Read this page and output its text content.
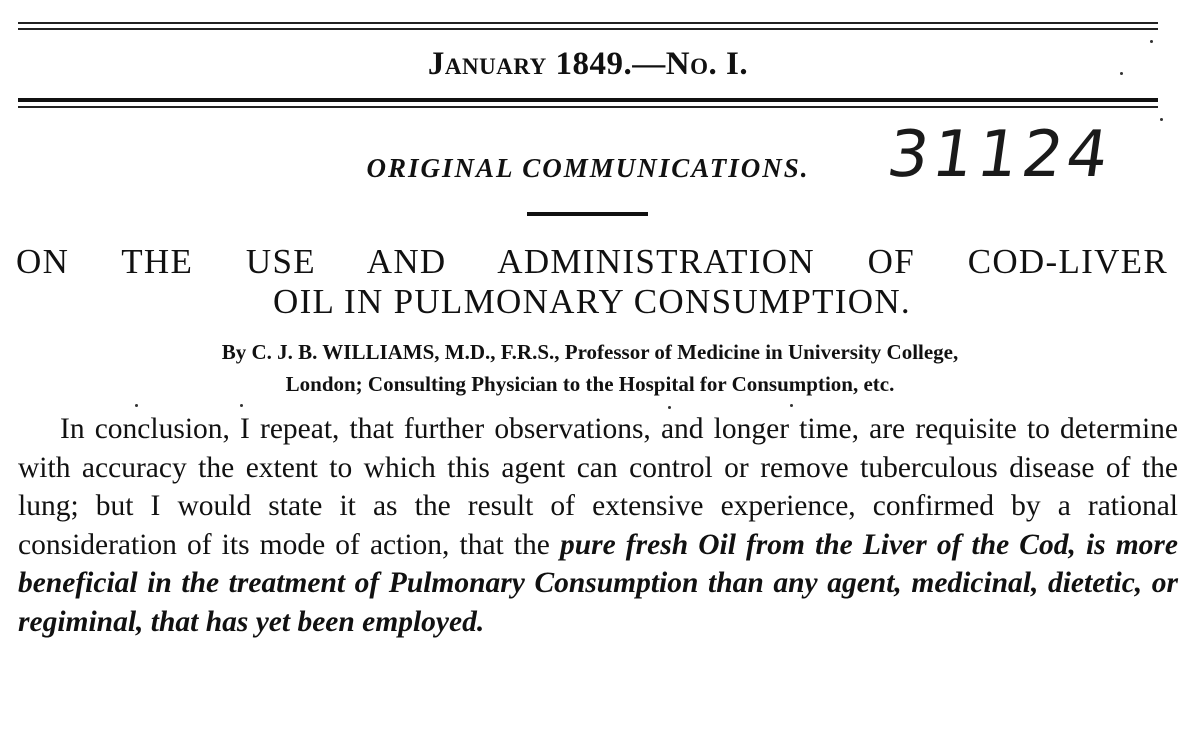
January 1849.—No. I.
ORIGINAL COMMUNICATIONS.	31124
ON THE USE AND ADMINISTRATION OF COD-LIVER
OIL IN PULMONARY CONSUMPTION.
By C. J. B. WILLIAMS, M.D., F.R.S., Professor of Medicine in University College,
London; Consulting Physician to the Hospital for Consumption, etc.

In conclusion, I repeat, that further observations, and longer time, are requisite to determine with accuracy the extent to which this agent can control or remove tuberculous disease of the lung; but I would state it as the result of extensive experience, confirmed by a rational consideration of its mode of action, that the pure fresh Oil from the Liver of the Cod, is more beneficial in the treatment of Pulmonary Consumption than any agent, medicinal, dietetic, or regiminal, that has yet been employed.
